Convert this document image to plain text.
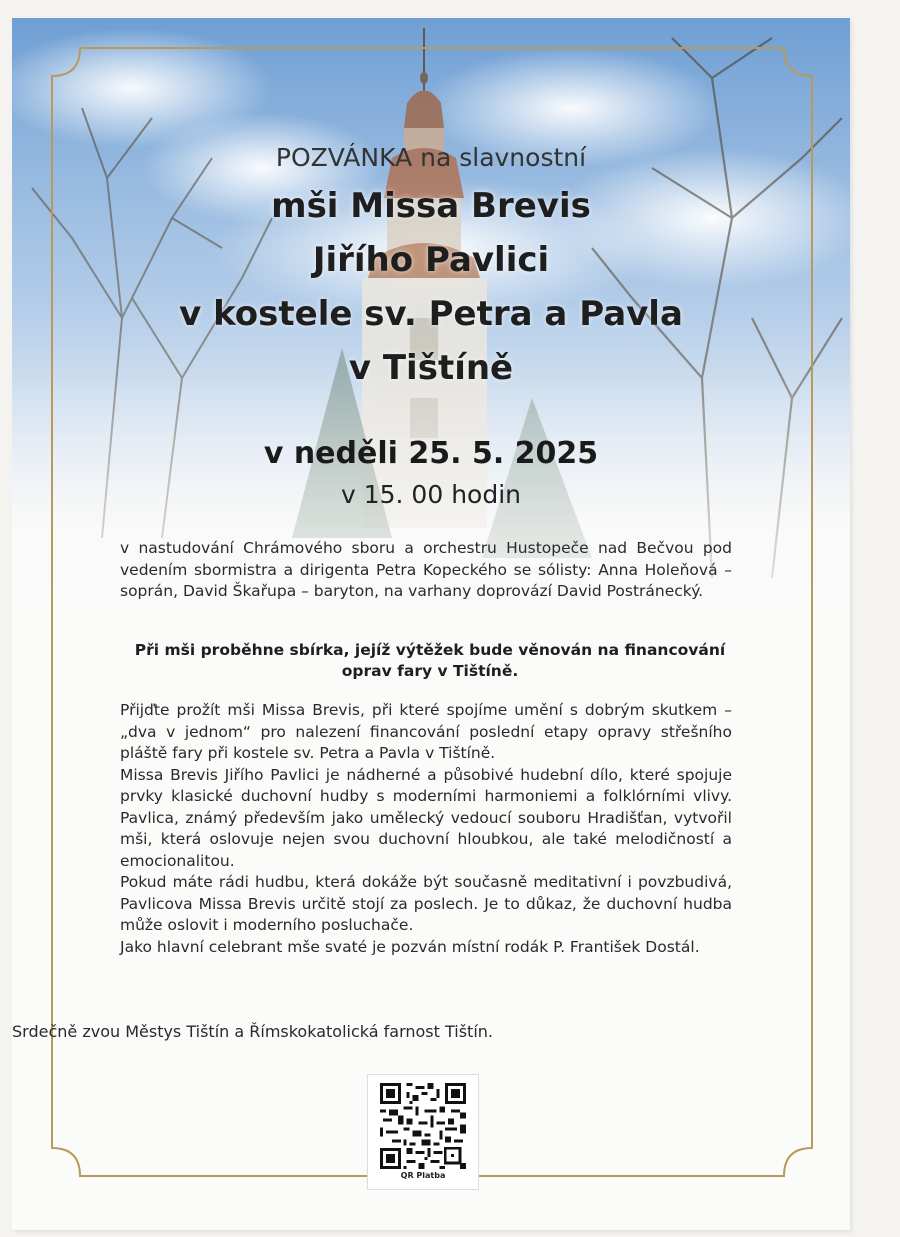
POZVÁNKA na slavnostní
mši Missa Brevis
Jiřího Pavlici
v kostele sv. Petra a Pavla
v Tištíně
v neděli 25. 5. 2025
v 15. 00 hodin

v nastudování Chrámového sboru a orchestru Hustopeče nad Bečvou pod vedením sbormistra a dirigenta Petra Kopeckého se sólisty: Anna Holeňová – soprán, David Škařupa – baryton, na varhany doprovází David Postránecký.

Při mši proběhne sbírka, jejíž výtěžek bude věnován na financování oprav fary v Tištíně.

Přijďte prožít mši Missa Brevis, při které spojíme umění s dobrým skutkem – „dva v jednom“ pro nalezení financování poslední etapy opravy střešního pláště fary při kostele sv. Petra a Pavla v Tištíně.

Missa Brevis Jiřího Pavlici je nádherné a působivé hudební dílo, které spojuje prvky klasické duchovní hudby s moderními harmoniemi a folklórními vlivy. Pavlica, známý především jako umělecký vedoucí souboru Hradišťan, vytvořil mši, která oslovuje nejen svou duchovní hloubkou, ale také melodičností a emocionalitou.

Pokud máte rádi hudbu, která dokáže být současně meditativní i povzbudivá, Pavlicova Missa Brevis určitě stojí za poslech. Je to důkaz, že duchovní hudba může oslovit i moderního posluchače.

Jako hlavní celebrant mše svaté je pozván místní rodák P. František Dostál.

Srdečně zvou Městys Tištín a Římskokatolická farnost Tištín.
QR Platba
